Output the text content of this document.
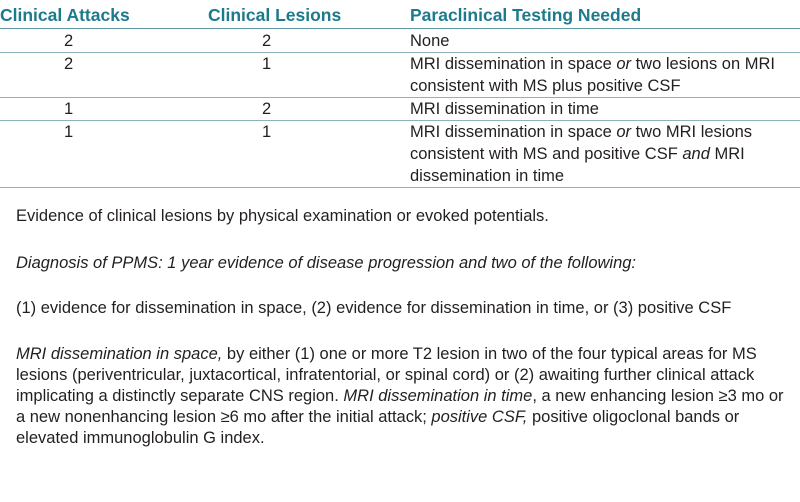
Clinical Attacks	Clinical Lesions	Paraclinical Testing Needed
2	2	None
2	1	MRI dissemination in space or two lesions on MRI consistent with MS plus positive CSF
1	2	MRI dissemination in time
1	1	MRI dissemination in space or two MRI lesions consistent with MS and positive CSF and MRI dissemination in time

Evidence of clinical lesions by physical examination or evoked potentials.

Diagnosis of PPMS: 1 year evidence of disease progression and two of the following:

(1) evidence for dissemination in space, (2) evidence for dissemination in time, or (3) positive CSF

MRI dissemination in space, by either (1) one or more T2 lesion in two of the four typical areas for MS lesions (periventricular, juxtacortical, infratentorial, or spinal cord) or (2) awaiting further clinical attack implicating a distinctly separate CNS region. MRI dissemination in time, a new enhancing lesion ≥3 mo or a new nonenhancing lesion ≥6 mo after the initial attack; positive CSF, positive oligoclonal bands or elevated immunoglobulin G index.
